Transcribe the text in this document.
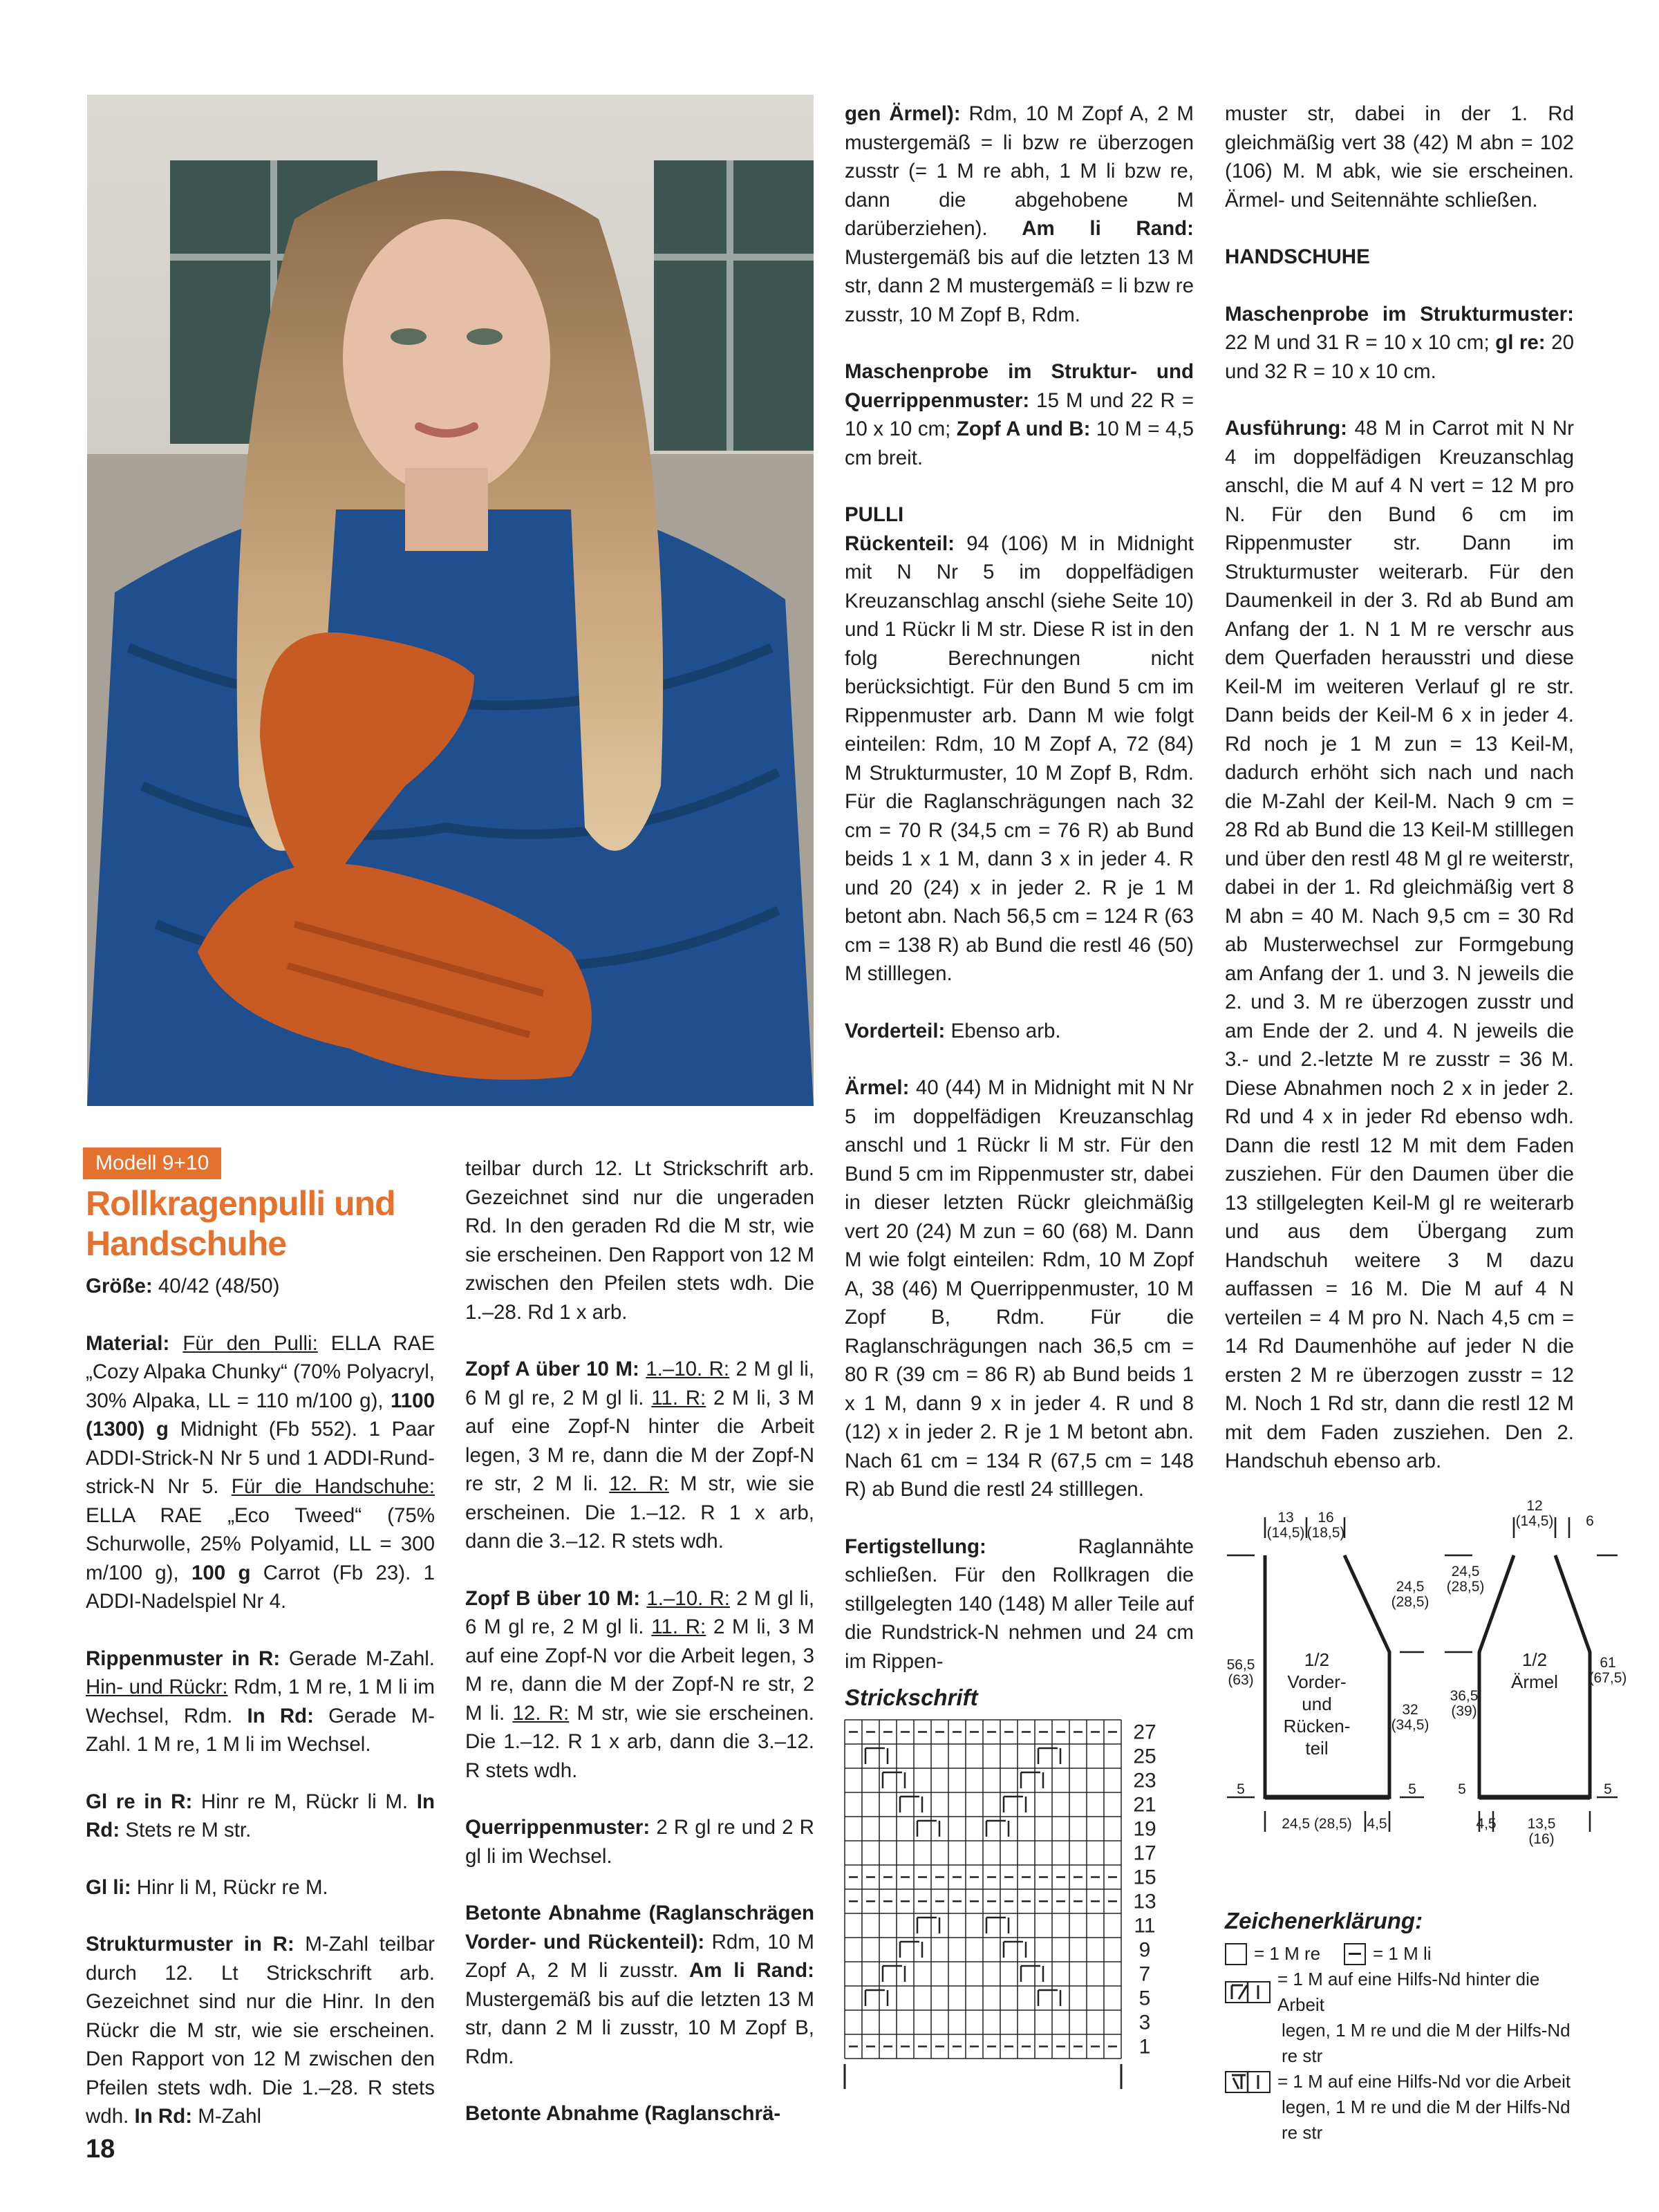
Modell 9+10
Rollkragenpulli und Handschuhe

Größe: 40/42 (48/50)

Material: Für den Pulli: ELLA RAE „Cozy Alpaka Chunky“ (70% Polyacryl, 30% Alpaka, LL = 110 m/100 g), 1100 (1300) g Midnight (Fb 552). 1 Paar ADDI-Strick-N Nr 5 und 1 ADDI-Rund-strick-N Nr 5. Für die Handschuhe: ELLA RAE „Eco Tweed“ (75% Schurwolle, 25% Polyamid, LL = 300 m/100 g), 100 g Carrot (Fb 23). 1 ADDI-Nadelspiel Nr 4.

Rippenmuster in R: Gerade M-Zahl. Hin- und Rückr: Rdm, 1 M re, 1 M li im Wechsel, Rdm. In Rd: Gerade M-Zahl. 1 M re, 1 M li im Wechsel.

Gl re in R: Hinr re M, Rückr li M. In Rd: Stets re M str.

Gl li: Hinr li M, Rückr re M.

Strukturmuster in R: M-Zahl teilbar durch 12. Lt Strickschrift arb. Gezeichnet sind nur die Hinr. In den Rückr die M str, wie sie erscheinen. Den Rapport von 12 M zwischen den Pfeilen stets wdh. Die 1.–28. R stets wdh. In Rd: M-Zahl

teilbar durch 12. Lt Strickschrift arb. Gezeichnet sind nur die ungeraden Rd. In den geraden Rd die M str, wie sie erscheinen. Den Rapport von 12 M zwischen den Pfeilen stets wdh. Die 1.–28. Rd 1 x arb.

Zopf A über 10 M: 1.–10. R: 2 M gl li, 6 M gl re, 2 M gl li. 11. R: 2 M li, 3 M auf eine Zopf-N hinter die Arbeit legen, 3 M re, dann die M der Zopf-N re str, 2 M li. 12. R: M str, wie sie erscheinen. Die 1.–12. R 1 x arb, dann die 3.–12. R stets wdh.

Zopf B über 10 M: 1.–10. R: 2 M gl li, 6 M gl re, 2 M gl li. 11. R: 2 M li, 3 M auf eine Zopf-N vor die Arbeit legen, 3 M re, dann die M der Zopf-N re str, 2 M li. 12. R: M str, wie sie erscheinen. Die 1.–12. R 1 x arb, dann die 3.–12. R stets wdh.

Querrippenmuster: 2 R gl re und 2 R gl li im Wechsel.

Betonte Abnahme (Raglanschrägen Vorder- und Rückenteil): Rdm, 10 M Zopf A, 2 M li zusstr. Am li Rand: Mustergemäß bis auf die letzten 13 M str, dann 2 M li zusstr, 10 M Zopf B, Rdm.

Betonte Abnahme (Raglanschrä-

gen Ärmel): Rdm, 10 M Zopf A, 2 M mustergemäß = li bzw re überzogen zusstr (= 1 M re abh, 1 M li bzw re, dann die abgehobene M darüberziehen). Am li Rand: Mustergemäß bis auf die letzten 13 M str, dann 2 M mustergemäß = li bzw re zusstr, 10 M Zopf B, Rdm.

Maschenprobe im Struktur- und Querrippenmuster: 15 M und 22 R = 10 x 10 cm; Zopf A und B: 10 M = 4,5 cm breit.

PULLI
Rückenteil: 94 (106) M in Midnight mit N Nr 5 im doppelfädigen Kreuzanschlag anschl (siehe Seite 10) und 1 Rückr li M str. Diese R ist in den folg Berechnungen nicht berücksichtigt. Für den Bund 5 cm im Rippenmuster arb. Dann M wie folgt einteilen: Rdm, 10 M Zopf A, 72 (84) M Strukturmuster, 10 M Zopf B, Rdm. Für die Raglanschrägungen nach 32 cm = 70 R (34,5 cm = 76 R) ab Bund beids 1 x 1 M, dann 3 x in jeder 4. R und 20 (24) x in jeder 2. R je 1 M betont abn. Nach 56,5 cm = 124 R (63 cm = 138 R) ab Bund die restl 46 (50) M stilllegen.

Vorderteil: Ebenso arb.

Ärmel: 40 (44) M in Midnight mit N Nr 5 im doppelfädigen Kreuzanschlag anschl und 1 Rückr li M str. Für den Bund 5 cm im Rippenmuster str, dabei in dieser letzten Rückr gleichmäßig vert 20 (24) M zun = 60 (68) M. Dann M wie folgt einteilen: Rdm, 10 M Zopf A, 38 (46) M Querrippenmuster, 10 M Zopf B, Rdm. Für die Raglanschrägungen nach 36,5 cm = 80 R (39 cm = 86 R) ab Bund beids 1 x 1 M, dann 9 x in jeder 4. R und 8 (12) x in jeder 2. R je 1 M betont abn. Nach 61 cm = 134 R (67,5 cm = 148 R) ab Bund die restl 24 stilllegen.

Fertigstellung: Raglannähte schließen. Für den Rollkragen die stillgelegten 140 (148) M aller Teile auf die Rundstrick-N nehmen und 24 cm im Rippen-

muster str, dabei in der 1. Rd gleichmäßig vert 38 (42) M abn = 102 (106) M. M abk, wie sie erscheinen. Ärmel- und Seitennähte schließen.

HANDSCHUHE

Maschenprobe im Strukturmuster: 22 M und 31 R = 10 x 10 cm; gl re: 20 und 32 R = 10 x 10 cm.

Ausführung: 48 M in Carrot mit N Nr 4 im doppelfädigen Kreuzanschlag anschl, die M auf 4 N vert = 12 M pro N. Für den Bund 6 cm im Rippenmuster str. Dann im Strukturmuster weiterarb. Für den Daumenkeil in der 3. Rd ab Bund am Anfang der 1. N 1 M re verschr aus dem Querfaden herausstri und diese Keil-M im weiteren Verlauf gl re str. Dann beids der Keil-M 6 x in jeder 4. Rd noch je 1 M zun = 13 Keil-M, dadurch erhöht sich nach und nach die M-Zahl der Keil-M. Nach 9 cm = 28 Rd ab Bund die 13 Keil-M stilllegen und über den restl 48 M gl re weiterstr, dabei in der 1. Rd gleichmäßig vert 8 M abn = 40 M. Nach 9,5 cm = 30 Rd ab Musterwechsel zur Formgebung am Anfang der 1. und 3. N jeweils die 2. und 3. M re überzogen zusstr und am Ende der 2. und 4. N jeweils die 3.- und 2.-letzte M re zusstr = 36 M. Diese Abnahmen noch 2 x in jeder 2. Rd und 4 x in jeder Rd ebenso wdh. Dann die restl 12 M mit dem Faden zusziehen. Für den Daumen über die 13 stillgelegten Keil-M gl re weiterarb und aus dem Übergang zum Handschuh weitere 3 M dazu auffassen = 16 M. Die M auf 4 N verteilen = 4 M pro N. Nach 4,5 cm = 14 Rd Daumenhöhe auf jeder N die ersten 2 M re überzogen zusstr = 12 M. Noch 1 Rd str, dann die restl 12 M mit dem Faden zusziehen. Den 2. Handschuh ebenso arb.

Strickschrift
27
25
23
21
19
17
15
13
11
9
7
5
3
1
13
(14,5)
16
(18,5)
56,5
(63)
24,5
(28,5)
32
(34,5)
5	5
24,5 (28,5) 4,5
12
(14,5) 6
24,5
(28,5)
36,5
(39)
61
(67,5)
5	5
4,5 13,5
(16)
1/2
Vorder-
und
Rücken-
teil
1/2
Ärmel
Zeichenerklärung:
= 1 M re	= 1 M li
= 1 M auf eine Hilfs-Nd hinter die Arbeit
legen, 1 M re und die M der Hilfs-Nd re str
= 1 M auf eine Hilfs-Nd vor die Arbeit
legen, 1 M re und die M der Hilfs-Nd re str
18
